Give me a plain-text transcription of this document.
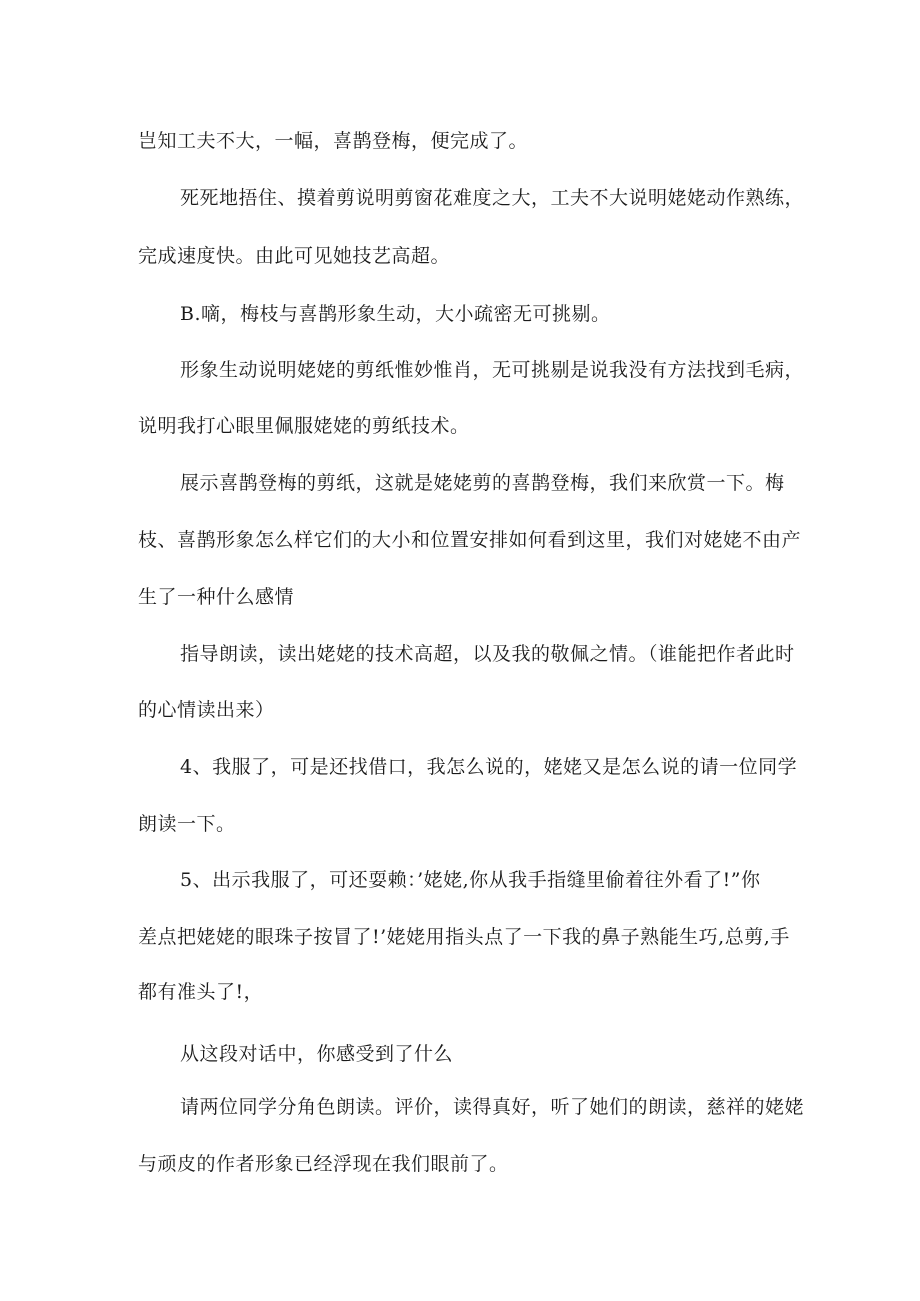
岂知工夫不大，一幅，喜鹊登梅，便完成了。
死死地捂住、摸着剪说明剪窗花难度之大，工夫不大说明姥姥动作熟练，
完成速度快。由此可见她技艺高超。
B.嘀，梅枝与喜鹊形象生动，大小疏密无可挑剔。
形象生动说明姥姥的剪纸惟妙惟肖，无可挑剔是说我没有方法找到毛病，
说明我打心眼里佩服姥姥的剪纸技术。
展示喜鹊登梅的剪纸，这就是姥姥剪的喜鹊登梅，我们来欣赏一下。梅
枝、喜鹊形象怎么样它们的大小和位置安排如何看到这里，我们对姥姥不由产
生了一种什么感情
指导朗读，读出姥姥的技术高超，以及我的敬佩之情。（谁能把作者此时
的心情读出来）
4、我服了，可是还找借口，我怎么说的，姥姥又是怎么说的请一位同学
朗读一下。
5、出示我服了，可还耍赖：’姥姥,你从我手指缝里偷着往外看了!”你
差点把姥姥的眼珠子按冒了!’姥姥用指头点了一下我的鼻子熟能生巧,总剪,手
都有准头了!，
从这段对话中，你感受到了什么
请两位同学分角色朗读。评价，读得真好，听了她们的朗读，慈祥的姥姥
与顽皮的作者形象已经浮现在我们眼前了。
